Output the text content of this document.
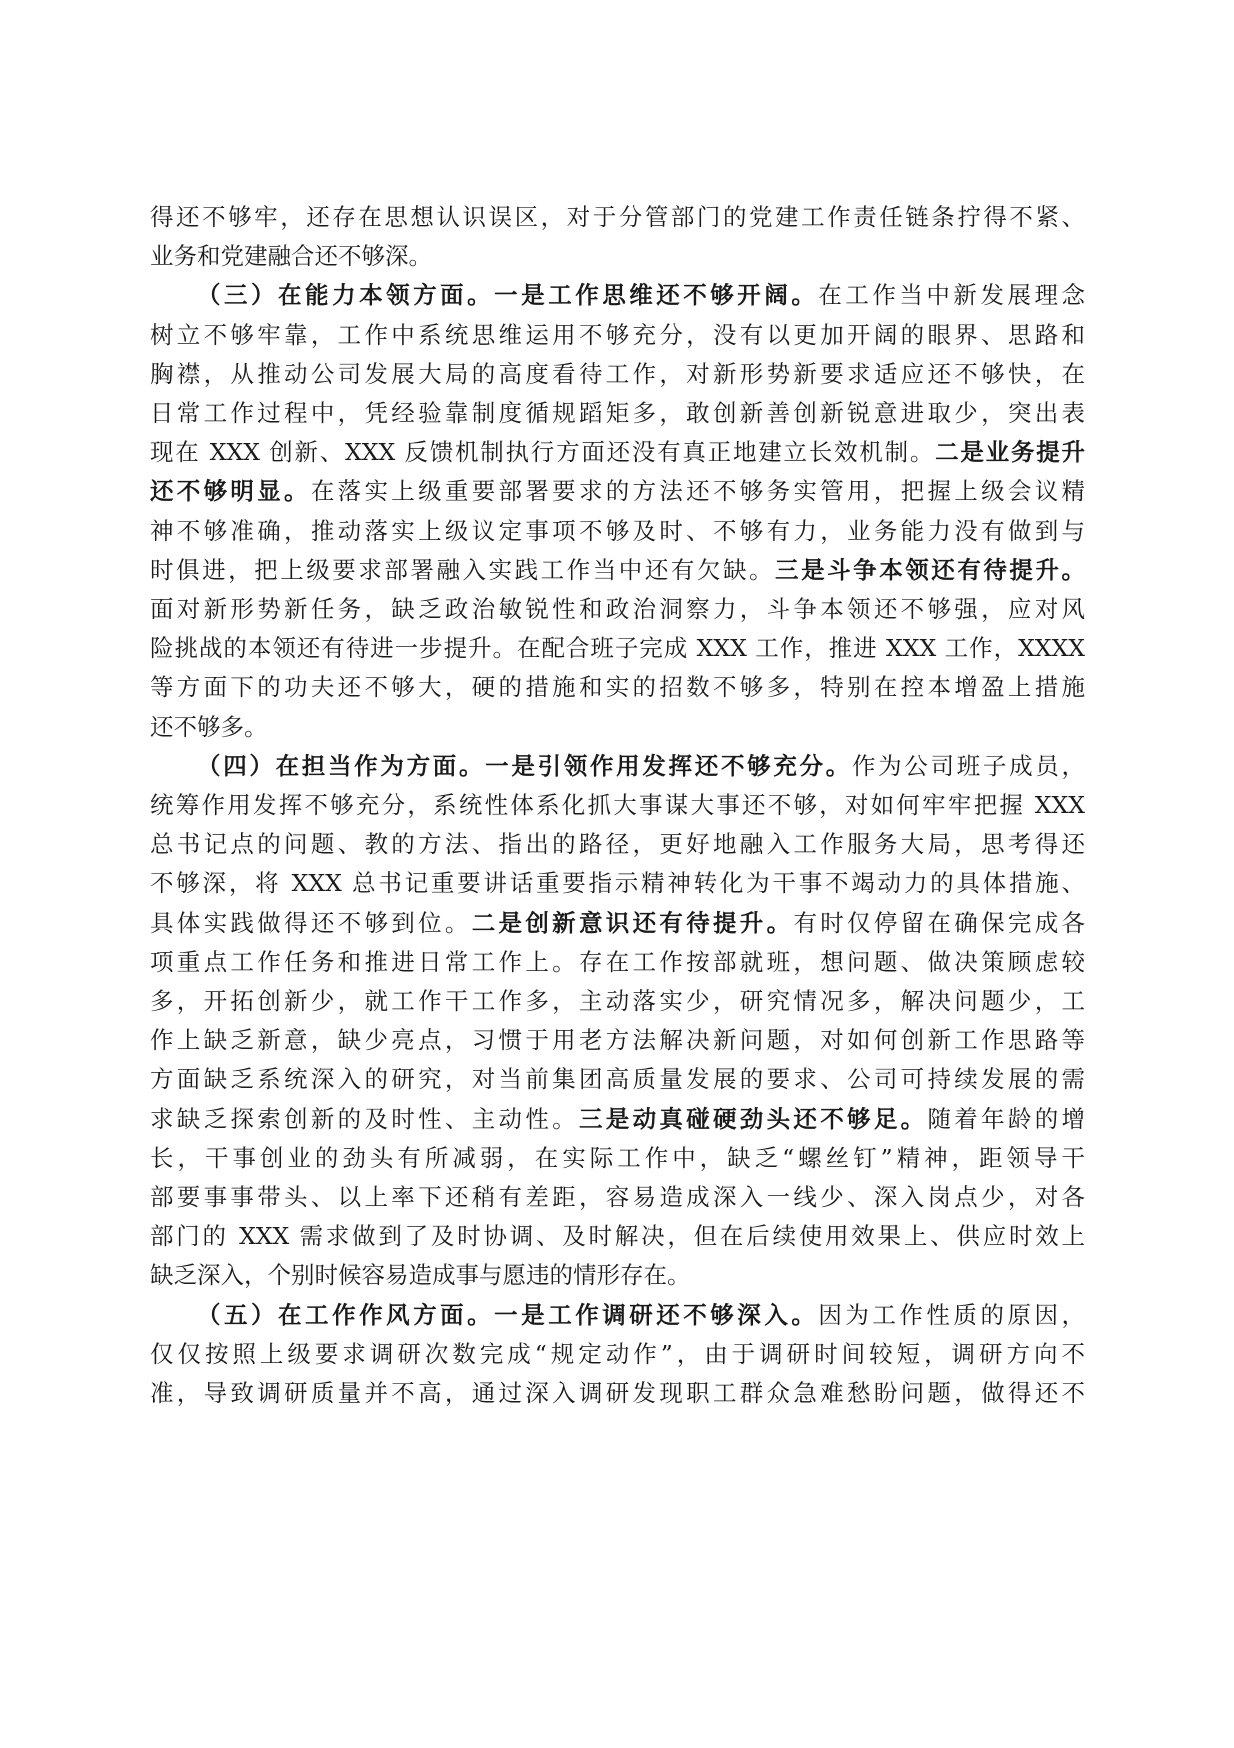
得还不够牢，还存在思想认识误区，对于分管部门的党建工作责任链条拧得不紧、
业务和党建融合还不够深。
（三）在能力本领方面。一是工作思维还不够开阔。在工作当中新发展理念
树立不够牢靠，工作中系统思维运用不够充分，没有以更加开阔的眼界、思路和
胸襟，从推动公司发展大局的高度看待工作，对新形势新要求适应还不够快，在
日常工作过程中，凭经验靠制度循规蹈矩多，敢创新善创新锐意进取少，突出表
现在 XXX 创新、XXX 反馈机制执行方面还没有真正地建立长效机制。二是业务提升
还不够明显。在落实上级重要部署要求的方法还不够务实管用，把握上级会议精
神不够准确，推动落实上级议定事项不够及时、不够有力，业务能力没有做到与
时俱进，把上级要求部署融入实践工作当中还有欠缺。三是斗争本领还有待提升。
面对新形势新任务，缺乏政治敏锐性和政治洞察力，斗争本领还不够强，应对风
险挑战的本领还有待进一步提升。在配合班子完成 XXX 工作，推进 XXX 工作，XXXX
等方面下的功夫还不够大，硬的措施和实的招数不够多，特别在控本增盈上措施
还不够多。
（四）在担当作为方面。一是引领作用发挥还不够充分。作为公司班子成员，
统筹作用发挥不够充分，系统性体系化抓大事谋大事还不够，对如何牢牢把握 XXX
总书记点的问题、教的方法、指出的路径，更好地融入工作服务大局，思考得还
不够深，将 XXX 总书记重要讲话重要指示精神转化为干事不竭动力的具体措施、
具体实践做得还不够到位。二是创新意识还有待提升。有时仅停留在确保完成各
项重点工作任务和推进日常工作上。存在工作按部就班，想问题、做决策顾虑较
多，开拓创新少，就工作干工作多，主动落实少，研究情况多，解决问题少，工
作上缺乏新意，缺少亮点，习惯于用老方法解决新问题，对如何创新工作思路等
方面缺乏系统深入的研究，对当前集团高质量发展的要求、公司可持续发展的需
求缺乏探索创新的及时性、主动性。三是动真碰硬劲头还不够足。随着年龄的增
长，干事创业的劲头有所减弱，在实际工作中，缺乏“螺丝钉”精神，距领导干
部要事事带头、以上率下还稍有差距，容易造成深入一线少、深入岗点少，对各
部门的 XXX 需求做到了及时协调、及时解决，但在后续使用效果上、供应时效上
缺乏深入，个别时候容易造成事与愿违的情形存在。
（五）在工作作风方面。一是工作调研还不够深入。因为工作性质的原因，
仅仅按照上级要求调研次数完成“规定动作”，由于调研时间较短，调研方向不
准，导致调研质量并不高，通过深入调研发现职工群众急难愁盼问题，做得还不
